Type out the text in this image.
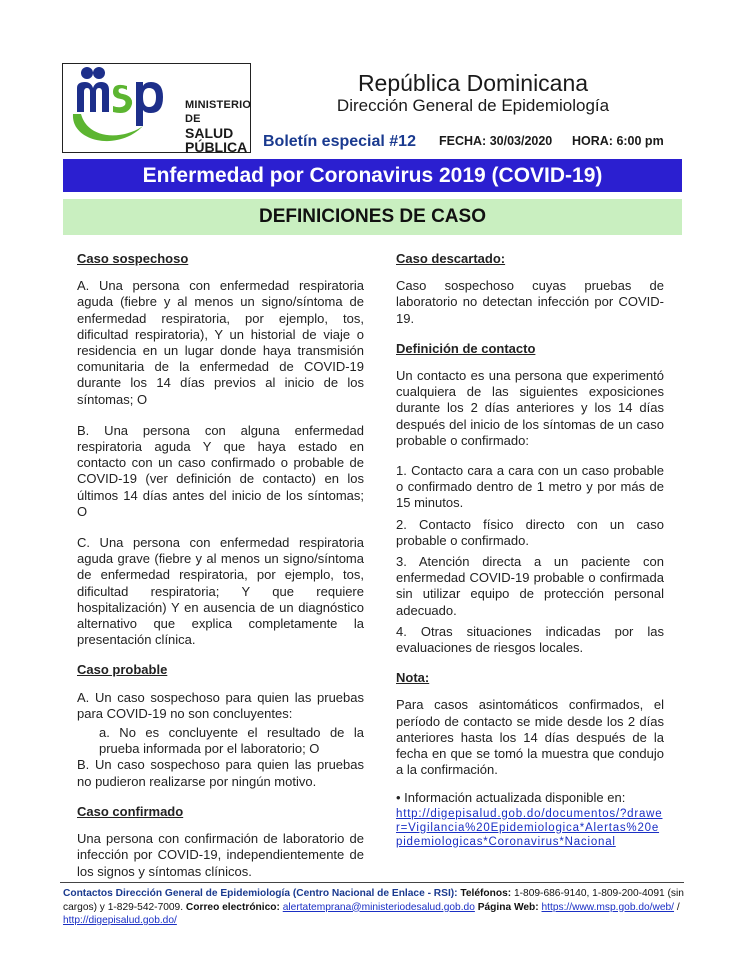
MINISTERIO DE
SALUD PÚBLICA
República Dominicana
Dirección General de Epidemiología
Boletín especial #12 FECHA: 30/03/2020 HORA: 6:00 pm
Enfermedad por Coronavirus 2019 (COVID-19)
DEFINICIONES DE CASO

Caso sospechoso

A. Una persona con enfermedad respiratoria aguda (fiebre y al menos un signo/síntoma de enfermedad respiratoria, por ejemplo, tos, dificultad respiratoria), Y un historial de viaje o residencia en un lugar donde haya transmisión comunitaria de la enfermedad de COVID-19 durante los 14 días previos al inicio de los síntomas; O

B. Una persona con alguna enfermedad respiratoria aguda Y que haya estado en contacto con un caso confirmado o probable de COVID-19 (ver definición de contacto) en los últimos 14 días antes del inicio de los síntomas; O

C. Una persona con enfermedad respiratoria aguda grave (fiebre y al menos un signo/síntoma de enfermedad respiratoria, por ejemplo, tos, dificultad respiratoria; Y que requiere hospitalización) Y en ausencia de un diagnóstico alternativo que explica completamente la presentación clínica.

Caso probable

A. Un caso sospechoso para quien las pruebas para COVID-19 no son concluyentes:

a. No es concluyente el resultado de la prueba informada por el laboratorio; O

B. Un caso sospechoso para quien las pruebas no pudieron realizarse por ningún motivo.

Caso confirmado

Una persona con confirmación de laboratorio de infección por COVID-19, independientemente de los signos y síntomas clínicos.

Caso descartado:

Caso sospechoso cuyas pruebas de laboratorio no detectan infección por COVID-19.

Definición de contacto

Un contacto es una persona que experimentó cualquiera de las siguientes exposiciones durante los 2 días anteriores y los 14 días después del inicio de los síntomas de un caso probable o confirmado:

1. Contacto cara a cara con un caso probable o confirmado dentro de 1 metro y por más de 15 minutos.

2. Contacto físico directo con un caso probable o confirmado.

3. Atención directa a un paciente con enfermedad COVID-19 probable o confirmada sin utilizar equipo de protección personal adecuado.

4. Otras situaciones indicadas por las evaluaciones de riesgos locales.

Nota:

Para casos asintomáticos confirmados, el período de contacto se mide desde los 2 días anteriores hasta los 14 días después de la fecha en que se tomó la muestra que condujo a la confirmación.

• Información actualizada disponible en:

http://digepisalud.gob.do/documentos/?drawer=Vigilancia%20Epidemiologica*Alertas%20epidemiologicas*Coronavirus*Nacional

Contactos Dirección General de Epidemiología (Centro Nacional de Enlace - RSI): Teléfonos: 1-809-686-9140, 1-809-200-4091 (sin cargos) y 1-829-542-7009. Correo electrónico: alertatemprana@ministeriodesalud.gob.do Página Web: https://www.msp.gob.do/web/ / http://digepisalud.gob.do/
